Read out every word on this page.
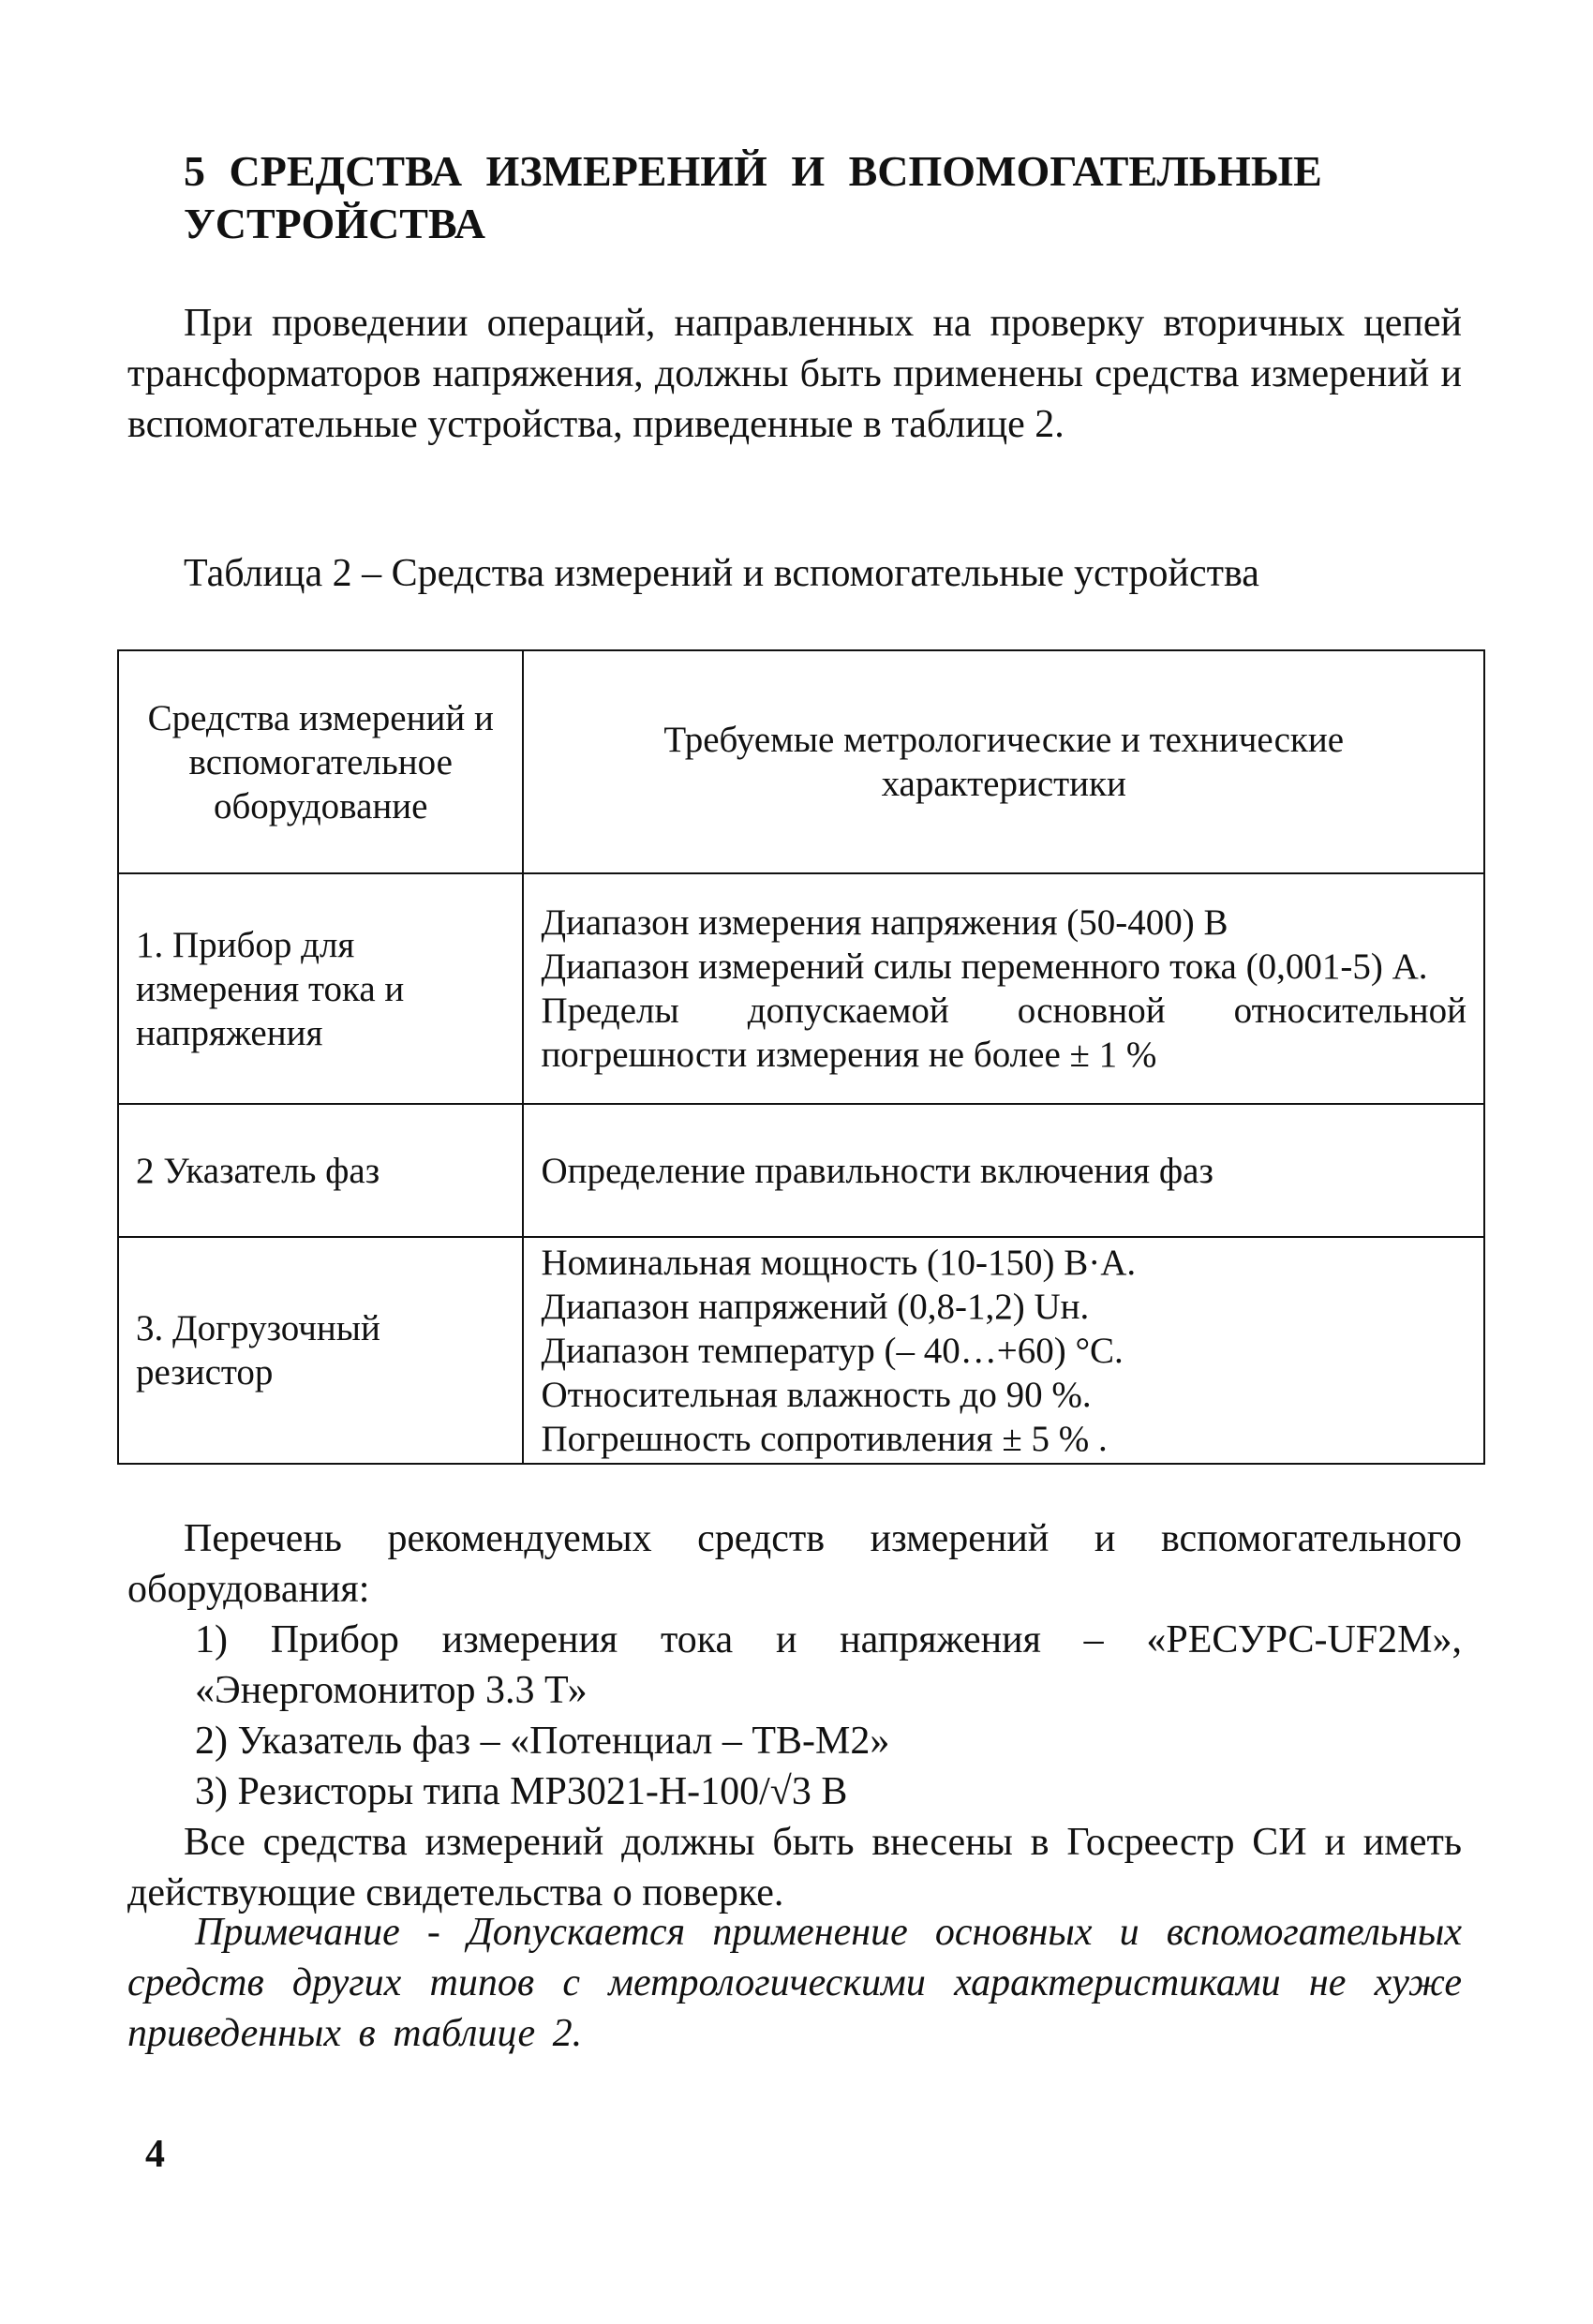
5 СРЕДСТВА ИЗМЕРЕНИЙ И ВСПОМОГАТЕЛЬНЫЕ
УСТРОЙСТВА

При проведении операций, направленных на проверку вторичных цепей трансформаторов напряжения, должны быть применены средства измерений и вспомогательные устройства, приведенные в таблице 2.

Таблица 2 – Средства измерений и вспомогательные устройства

Средства измерений и вспомогательное оборудование	Требуемые метрологические и технические характеристики
1. Прибор для измерения тока и напряжения	Диапазон измерения напряжения (50-400) В
Диапазон измерений силы переменного тока (0,001-5) А.
Пределы допускаемой основной относительной погрешности измерения не более ± 1 %

2 Указатель фаз	Определение правильности включения фаз

3. Догрузочный резистор	Номинальная мощность (10-150) В·А.
Диапазон напряжений (0,8-1,2) Uн.
Диапазон температур (– 40…+60) °С.
Относительная влажность до 90 %.
Погрешность сопротивления ± 5 % .
Перечень рекомендуемых средств измерений и вспомогательного оборудования:
1) Прибор измерения тока и напряжения – «РЕСУРС-UF2M», «Энергомонитор 3.3 Т»
2) Указатель фаз – «Потенциал – ТВ-М2»
3) Резисторы типа МР3021-Н-100/√3 В
Все средства измерений должны быть внесены в Госреестр СИ и иметь действующие свидетельства о поверке.

Примечание - Допускается применение основных и вспомогательных средств других типов с метрологическими характеристиками не хуже приведенных в таблице 2.

4
